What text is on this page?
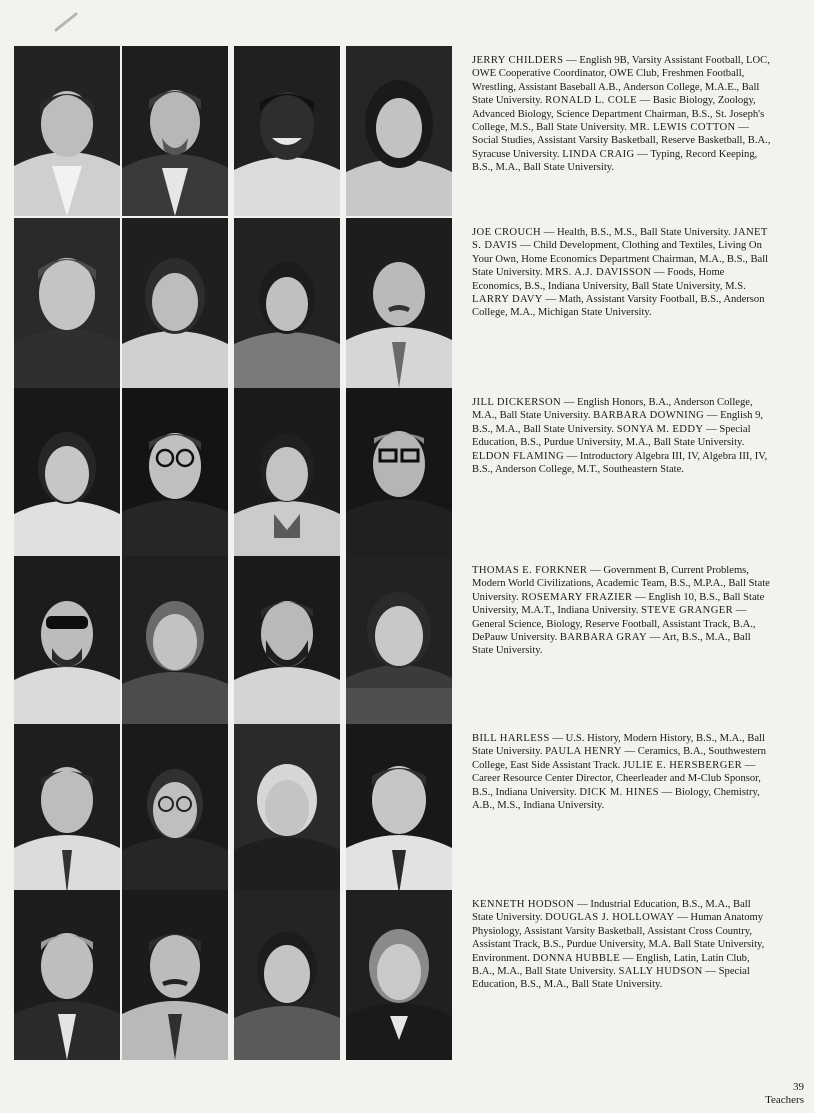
JERRY CHILDERS — English 9B, Varsity Assistant Football, LOC, OWE Cooperative Coordinator, OWE Club, Freshmen Football, Wrestling, Assistant Baseball A.B., Anderson College, M.A.E., Ball State University. RONALD L. COLE — Basic Biology, Zoology, Advanced Biology, Science Department Chairman, B.S., St. Joseph's College, M.S., Ball State University. MR. LEWIS COTTON — Social Studies, Assistant Varsity Basketball, Reserve Basketball, B.A., Syracuse University. LINDA CRAIG — Typing, Record Keeping, B.S., M.A., Ball State University.
JOE CROUCH — Health, B.S., M.S., Ball State University. JANET S. DAVIS — Child Development, Clothing and Textiles, Living On Your Own, Home Economics Department Chairman, M.A., B.S., Ball State University. MRS. A.J. DAVISSON — Foods, Home Economics, B.S., Indiana University, Ball State University, M.S. LARRY DAVY — Math, Assistant Varsity Football, B.S., Anderson College, M.A., Michigan State University.
JILL DICKERSON — English Honors, B.A., Anderson College, M.A., Ball State University. BARBARA DOWNING — English 9, B.S., M.A., Ball State University. SONYA M. EDDY — Special Education, B.S., Purdue University, M.A., Ball State University. ELDON FLAMING — Introductory Algebra III, IV, Algebra III, IV, B.S., Anderson College, M.T., Southeastern State.
THOMAS E. FORKNER — Government B, Current Problems, Modern World Civilizations, Academic Team, B.S., M.P.A., Ball State University. ROSEMARY FRAZIER — English 10, B.S., Ball State University, M.A.T., Indiana University. STEVE GRANGER — General Science, Biology, Reserve Football, Assistant Track, B.A., DePauw University. BARBARA GRAY — Art, B.S., M.A., Ball State University.
BILL HARLESS — U.S. History, Modern History, B.S., M.A., Ball State University. PAULA HENRY — Ceramics, B.A., Southwestern College, East Side Assistant Track. JULIE E. HERSBERGER — Career Resource Center Director, Cheerleader and M-Club Sponsor, B.S., Indiana University. DICK M. HINES — Biology, Chemistry, A.B., M.S., Indiana University.
KENNETH HODSON — Industrial Education, B.S., M.A., Ball State University. DOUGLAS J. HOLLOWAY — Human Anatomy Physiology, Assistant Varsity Basketball, Assistant Cross Country, Assistant Track, B.S., Purdue University, M.A. Ball State University, Environment. DONNA HUBBLE — English, Latin, Latin Club, B.A., M.A., Ball State University. SALLY HUDSON — Special Education, B.S., M.A., Ball State University.
39
Teachers
